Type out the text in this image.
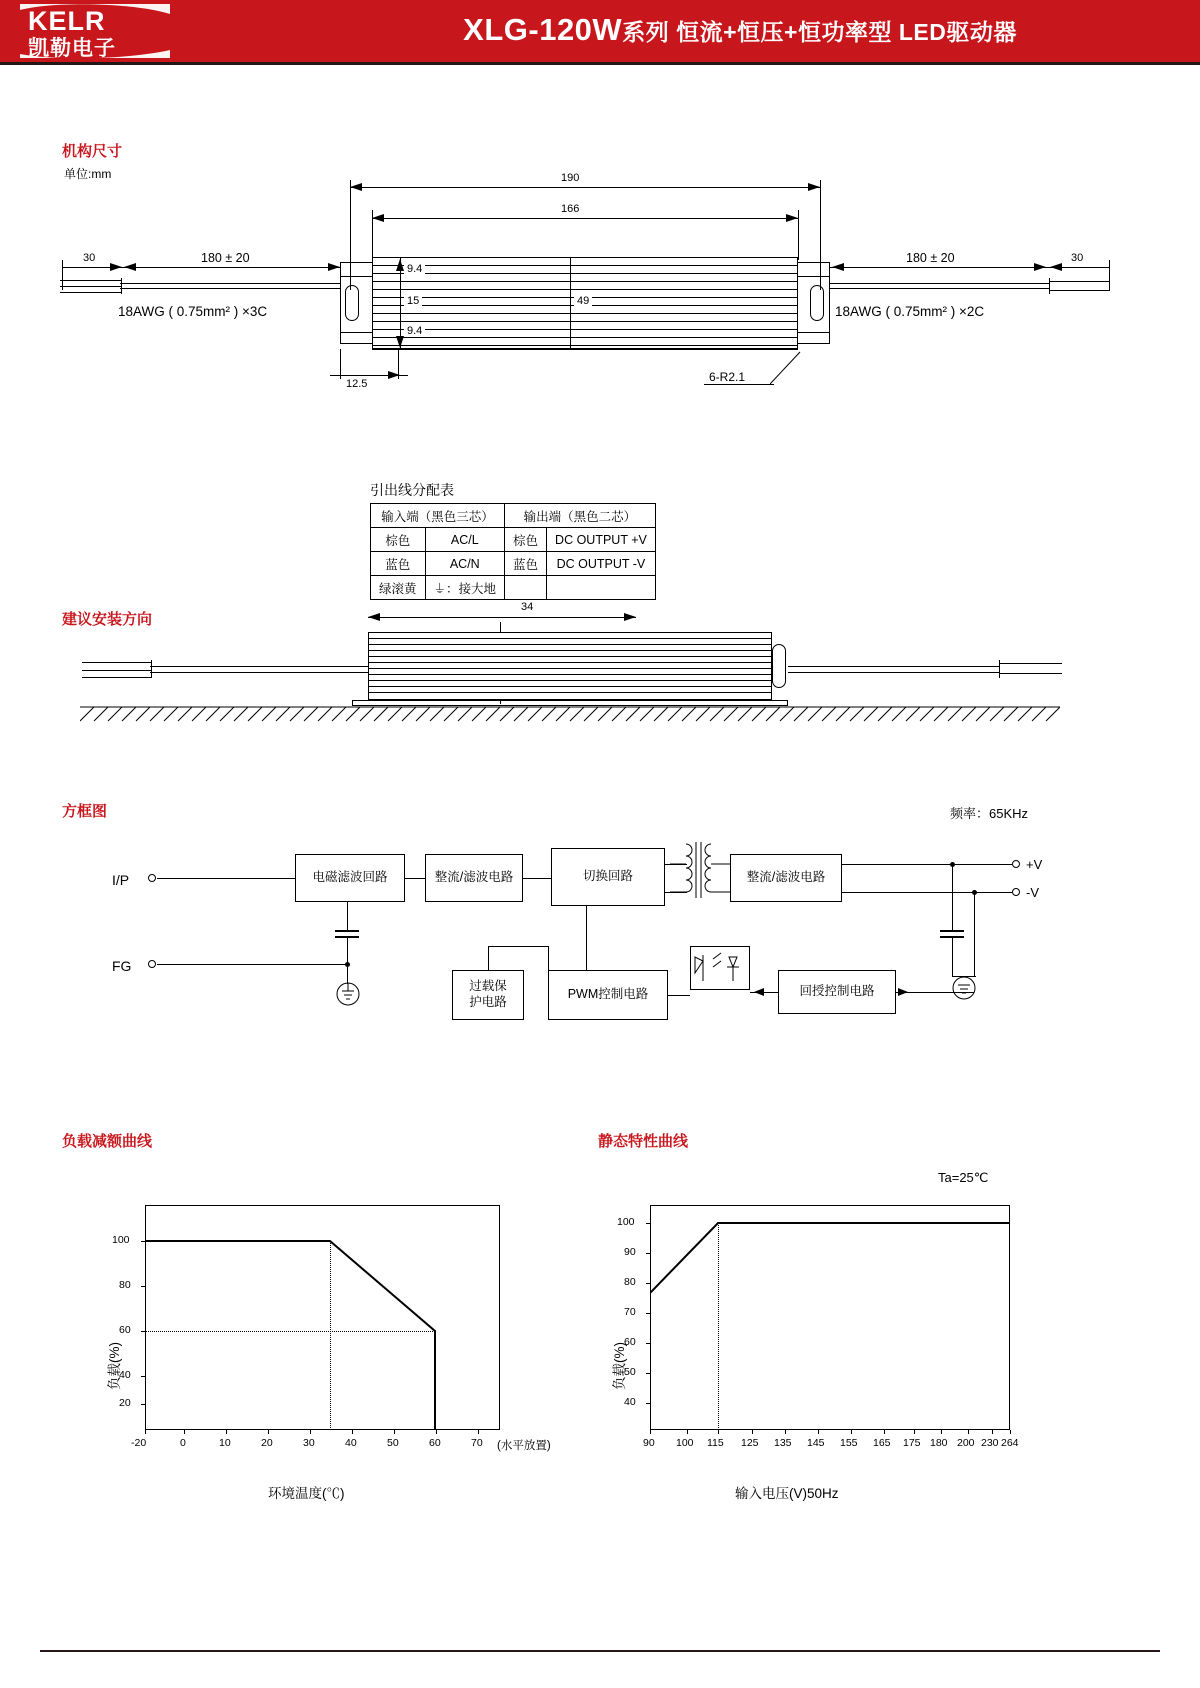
KELR
凯勒电子
XLG-120W系列 恒流+恒压+恒功率型 LED驱动器
机构尺寸
单位:mm	190
166
30	180 ± 20
18AWG ( 0.75mm² ) ×3C
180 ± 20	30
18AWG ( 0.75mm² ) ×2C
9.4
15
9.4
49
12.5	6-R2.1
引出线分配表
输入端（黑色三芯）		输出端（黑色二芯）	
棕色	AC/L	棕色	DC OUTPUT +V
蓝色	AC/N	蓝色	DC OUTPUT -V
绿滚黄	⏚：接大地		
建议安装方向
34
方框图	频率：65KHz
I/P
FG
电磁滤波回路	整流/滤波电路	切换回路	整流/滤波电路
+V
-V
过载保
护电路
PWM控制电路	回授控制电路
负载减额曲线
100
80
60
40
20
-20	0	10	20	30	40	50	60	70 (水平放置)
环境温度(℃)
负载(%)
静态特性曲线
Ta=25℃
100
90
80
70
60
50
40
90 100 115 125 135 145 155 165 175 180 200 230 264
输入电压(V)50Hz
负载(%)
